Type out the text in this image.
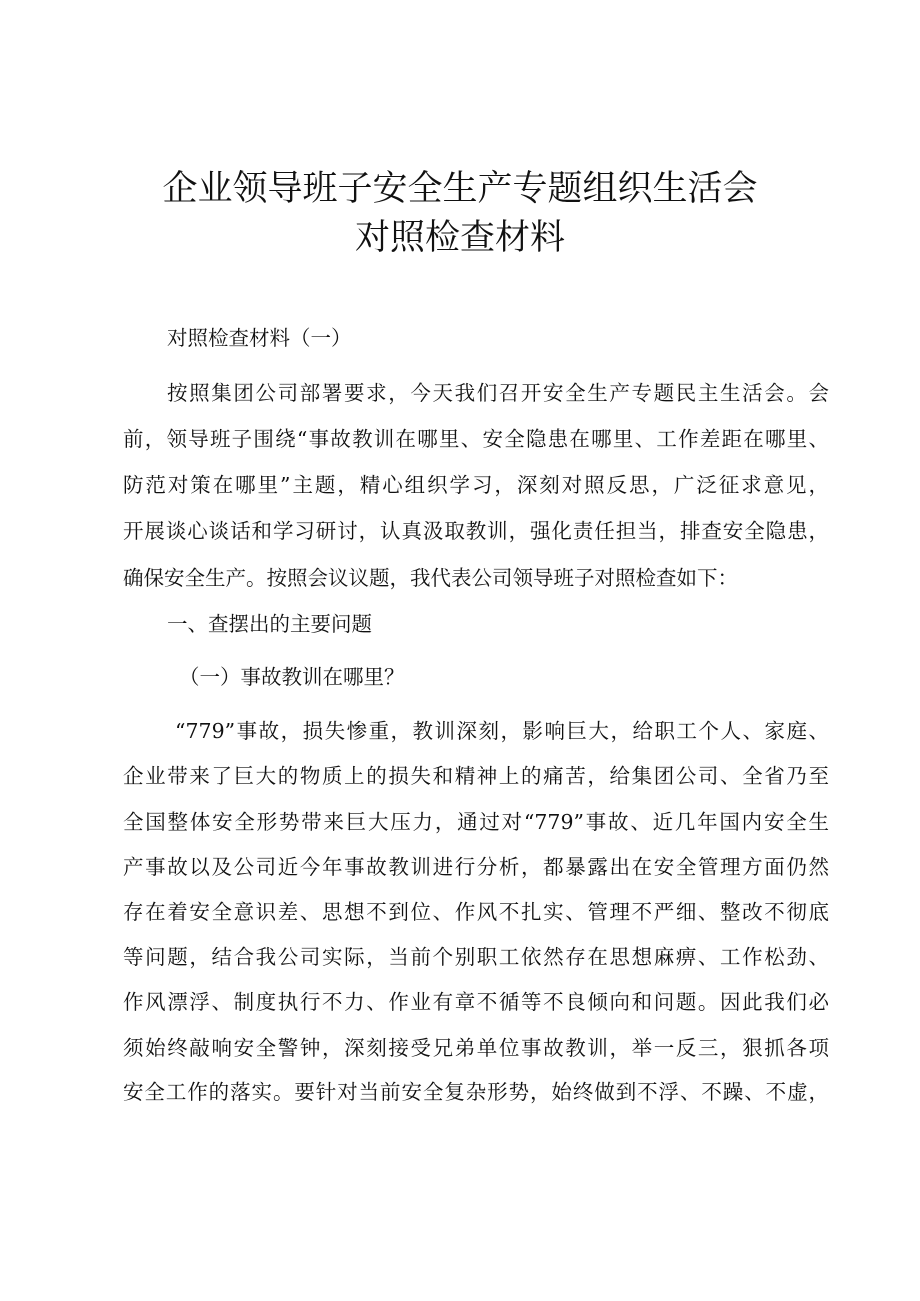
企业领导班子安全生产专题组织生活会
对照检查材料
对照检查材料（一）
按照集团公司部署要求，今天我们召开安全生产专题民主生活会。会
前，领导班子围绕“事故教训在哪里、安全隐患在哪里、工作差距在哪里、
防范对策在哪里”主题，精心组织学习，深刻对照反思，广泛征求意见，
开展谈心谈话和学习研讨，认真汲取教训，强化责任担当，排查安全隐患，
确保安全生产。按照会议议题，我代表公司领导班子对照检查如下：
一、查摆出的主要问题
（一）事故教训在哪里？
“779”事故，损失惨重，教训深刻，影响巨大，给职工个人、家庭、
企业带来了巨大的物质上的损失和精神上的痛苦，给集团公司、全省乃至
全国整体安全形势带来巨大压力，通过对“779”事故、近几年国内安全生
产事故以及公司近今年事故教训进行分析，都暴露出在安全管理方面仍然
存在着安全意识差、思想不到位、作风不扎实、管理不严细、整改不彻底
等问题，结合我公司实际，当前个别职工依然存在思想麻痹、工作松劲、
作风漂浮、制度执行不力、作业有章不循等不良倾向和问题。因此我们必
须始终敲响安全警钟，深刻接受兄弟单位事故教训，举一反三，狠抓各项
安全工作的落实。要针对当前安全复杂形势，始终做到不浮、不躁、不虚，
